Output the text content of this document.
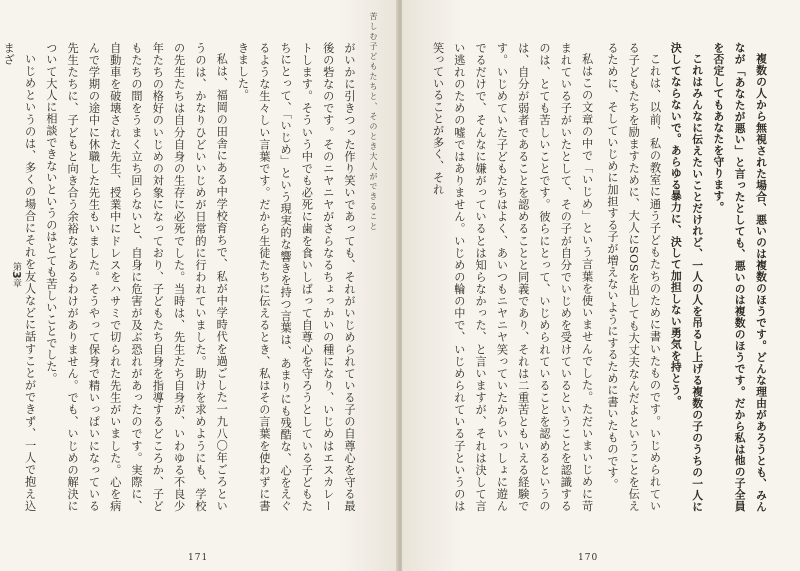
苦しむ子どもたちと、そのとき大人ができること
第3章	がいかに引きつった作り笑いであっても、それがいじめられている子の自尊心を守る最後の砦なのです。そのニヤニヤがさらなるちょっかいの種になり、いじめはエスカレートします。そういう中でも必死に歯を食いしばって自尊心を守ろうとしている子どもたちにとって、「いじめ」という現実的な響きを持つ言葉は、あまりにも残酷な、心をえぐるような生々しい言葉です。だから生徒たちに伝えるとき、私はその言葉を使わずに書きました。

私は、福岡の田舎にある中学校育ちで、私が中学時代を過ごした一九八〇年ごろというのは、かなりひどいいじめが日常的に行われていました。助けを求めようにも、学校の先生たちは自分自身の生存に必死でした。当時は、先生たち自身が、いわゆる不良少年たちの格好のいじめの対象になっており、子どもたち自身を指導するどころか、子どもたちの間をうまく立ち回らないと、自身に危害が及ぶ恐れがあったのです。実際に、自動車を破壊された先生、授業中にドレスをハサミで切られた先生がいました。心を病んで学期の途中に休職した先生もいました。そうやって保身で精いっぱいになっている先生たちに、子どもと向き合う余裕などあるわけがありません。でも、いじめの解決について大人に相談できないというのはとても苦しいことでした。

いじめというのは、多くの場合にそれを友人などに話すことができず、一人で抱え込まざ

171

複数の人から無視された場合、悪いのは複数のほうです。どんな理由があろうとも、みんなが「あなたが悪い」と言ったとしても、悪いのは複数のほうです。だから私は他の子全員を否定してもあなたを守ります。

これはみんなに伝えたいことだけれど、一人の人を吊るし上げる複数の子のうちの一人に決してならないで。あらゆる暴力に、決して加担しない勇気を持とう。

これは、以前、私の教室に通う子どもたちのために書いたものです。いじめられている子どもたちを励ますために、大人にSOSを出しても大丈夫なんだよということを伝えるために、そしていじめに加担する子が増えないようにするために書いたものです。

私はこの文章の中で「いじめ」という言葉を使いませんでした。ただいまいじめに苛まれている子がいたとして、その子が自分でいじめを受けているということを認識するのは、とても苦しいことです。彼らにとって、いじめられていることを認めるというのは、自分が弱者であることを認めることと同義であり、それは二重苦ともいえる経験です。いじめていた子どもたちはよく、あいつもニヤニヤ笑っていたからいっしょに遊んでるだけで、そんなに嫌がっているとは知らなかった、と言いますが、それは決して言い逃れのための嘘ではありません。いじめの輪の中で、いじめられている子というのは笑っていることが多く、それ

170
